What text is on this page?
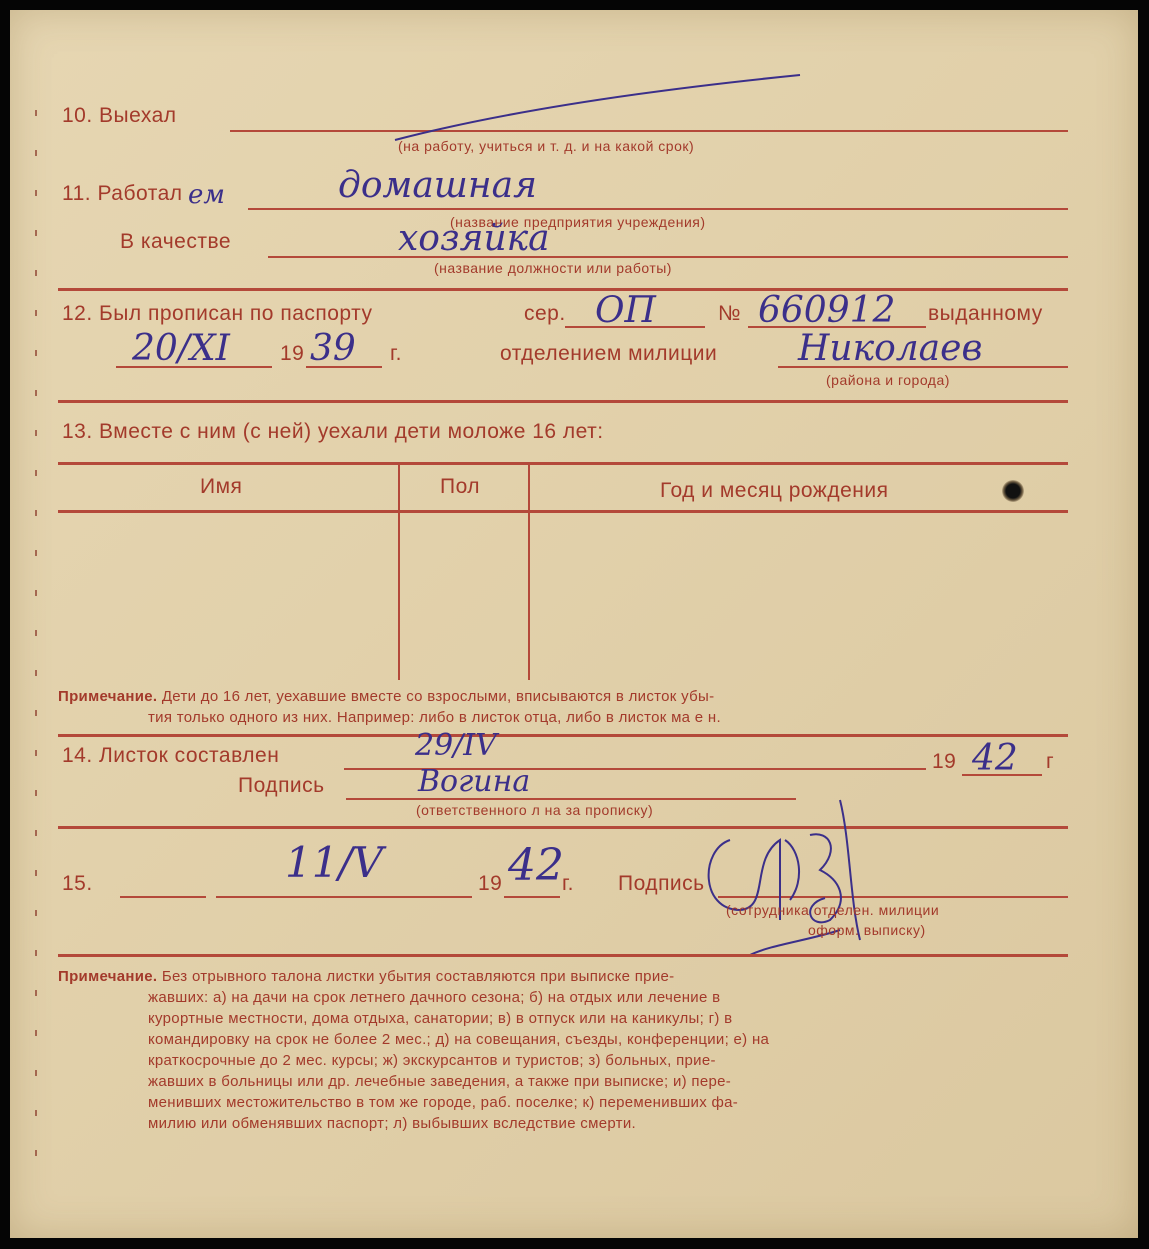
10. Выехал
(на работу, учиться и т. д. и на какой срок)
11. Работал ем	домашная
(название предприятия учреждения)
В качестве	хозяйка
(название должности или работы)
12. Был прописан по паспорту	сер. ОП	№ 660912 выданному
20/XI 19 39 г.	отделением милиции Николаев
(района и города)
13. Вместе с ним (с ней) уехали дети моложе 16 лет:
Имя	Пол	Год и месяц рождения
Примечание. Дети до 16 лет, уехавшие вместе со взрослыми, вписываются в листок убы-
тия только одного из них. Например: либо в листок отца, либо в листок ма е н.
14. Листок составлен	29/IV	19 42 г
Подпись	Вогина
(ответственного л на за прописку)
15.	11/V	19 42
г. Подпись
(сотрудника отделен. милиции
оформ. выписку)
Примечание. Без отрывного талона листки убытия составляются при выписке прие-
жавших: а) на дачи на срок летнего дачного сезона; б) на отдых или лечение в
курортные местности, дома отдыха, санатории; в) в отпуск или на каникулы; г) в
командировку на срок не более 2 мес.; д) на совещания, съезды, конференции; е) на
краткосрочные до 2 мес. курсы; ж) экскурсантов и туристов; з) больных, прие-
жавших в больницы или др. лечебные заведения, а также при выписке; и) пере-
менивших местожительство в том же городе, раб. поселке; к) переменивших фа-
милию или обменявших паспорт; л) выбывших вследствие смерти.
